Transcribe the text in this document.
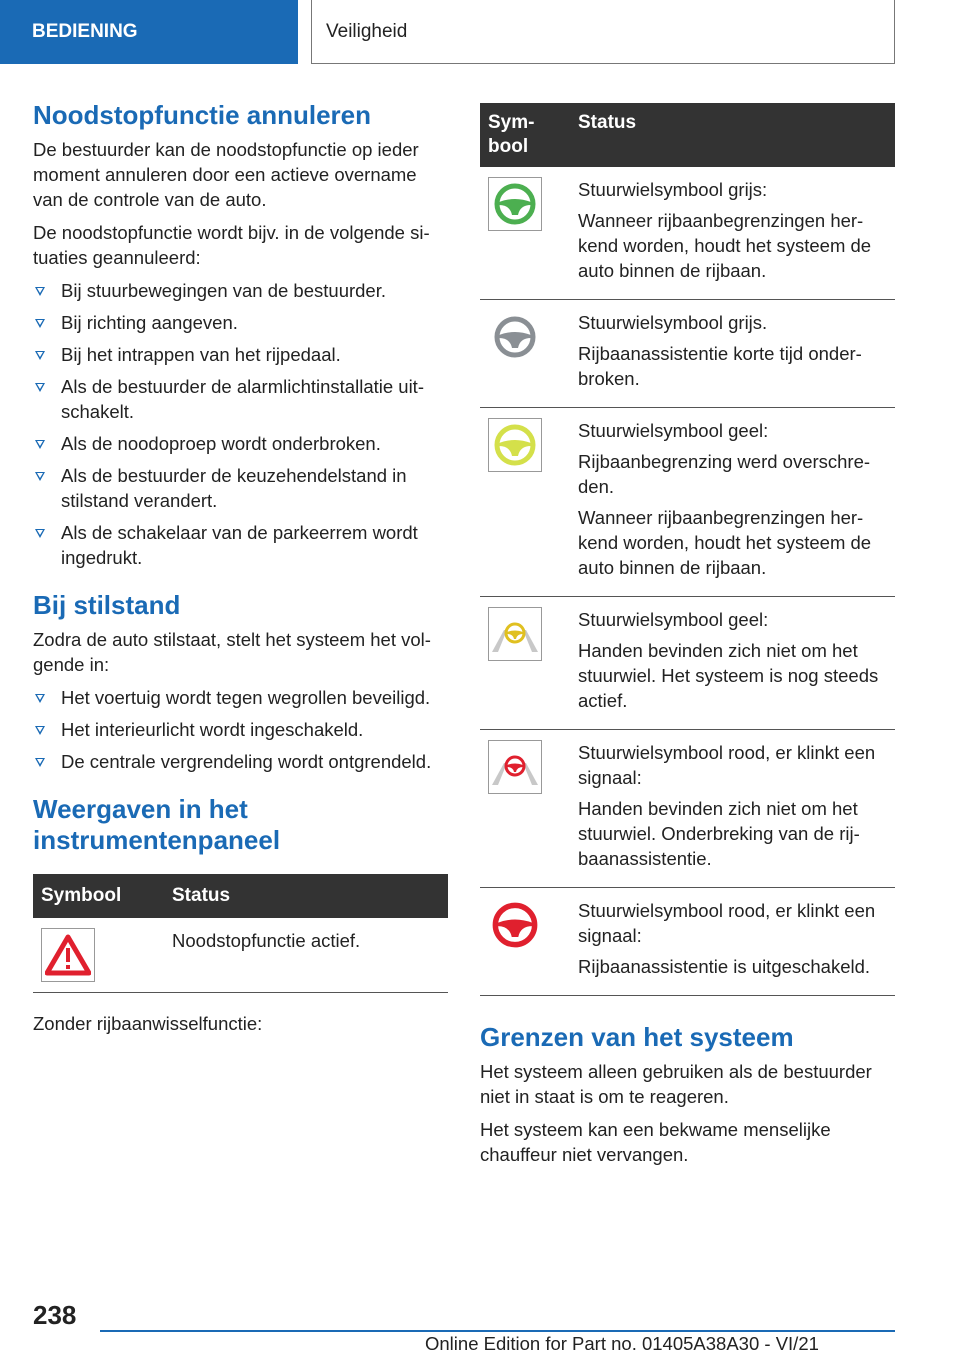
BEDIENING	Veiligheid
Noodstopfunctie annuleren

De bestuurder kan de noodstopfunctie op ieder moment annuleren door een actieve overname van de controle van de auto.

De noodstopfunctie wordt bijv. in de volgende si- tuaties geannuleerd:

Bij stuurbewegingen van de bestuurder.
Bij richting aangeven.
Bij het intrappen van het rijpedaal.
Als de bestuurder de alarmlichtinstallatie uit- schakelt.
Als de noodoproep wordt onderbroken.
Als de bestuurder de keuzehendelstand in stilstand verandert.
Als de schakelaar van de parkeerrem wordt ingedrukt.
Bij stilstand

Zodra de auto stilstaat, stelt het systeem het vol- gende in:

Het voertuig wordt tegen wegrollen beveiligd.
Het interieurlicht wordt ingeschakeld.
De centrale vergrendeling wordt ontgrendeld.
Weergaven in het instrumentenpaneel
Symbool	Status

Noodstopfunctie actief.

Zonder rijbaanwisselfunctie:

Sym- bool	Status

Stuurwielsymbool grijs:

Wanneer rijbaanbegrenzingen her- kend worden, houdt het systeem de auto binnen de rijbaan.

Stuurwielsymbool grijs.

Rijbaanassistentie korte tijd onder- broken.

Stuurwielsymbool geel:

Rijbaanbegrenzing werd overschre- den.

Wanneer rijbaanbegrenzingen her- kend worden, houdt het systeem de auto binnen de rijbaan.

Stuurwielsymbool geel:

Handen bevinden zich niet om het stuurwiel. Het systeem is nog steeds actief.

Stuurwielsymbool rood, er klinkt een signaal:

Handen bevinden zich niet om het stuurwiel. Onderbreking van de rij- baanassistentie.

Stuurwielsymbool rood, er klinkt een signaal:

Rijbaanassistentie is uitgeschakeld.

Grenzen van het systeem

Het systeem alleen gebruiken als de bestuurder niet in staat is om te reageren.

Het systeem kan een bekwame menselijke chauffeur niet vervangen.

238
Online Edition for Part no. 01405A38A30 - VI/21
